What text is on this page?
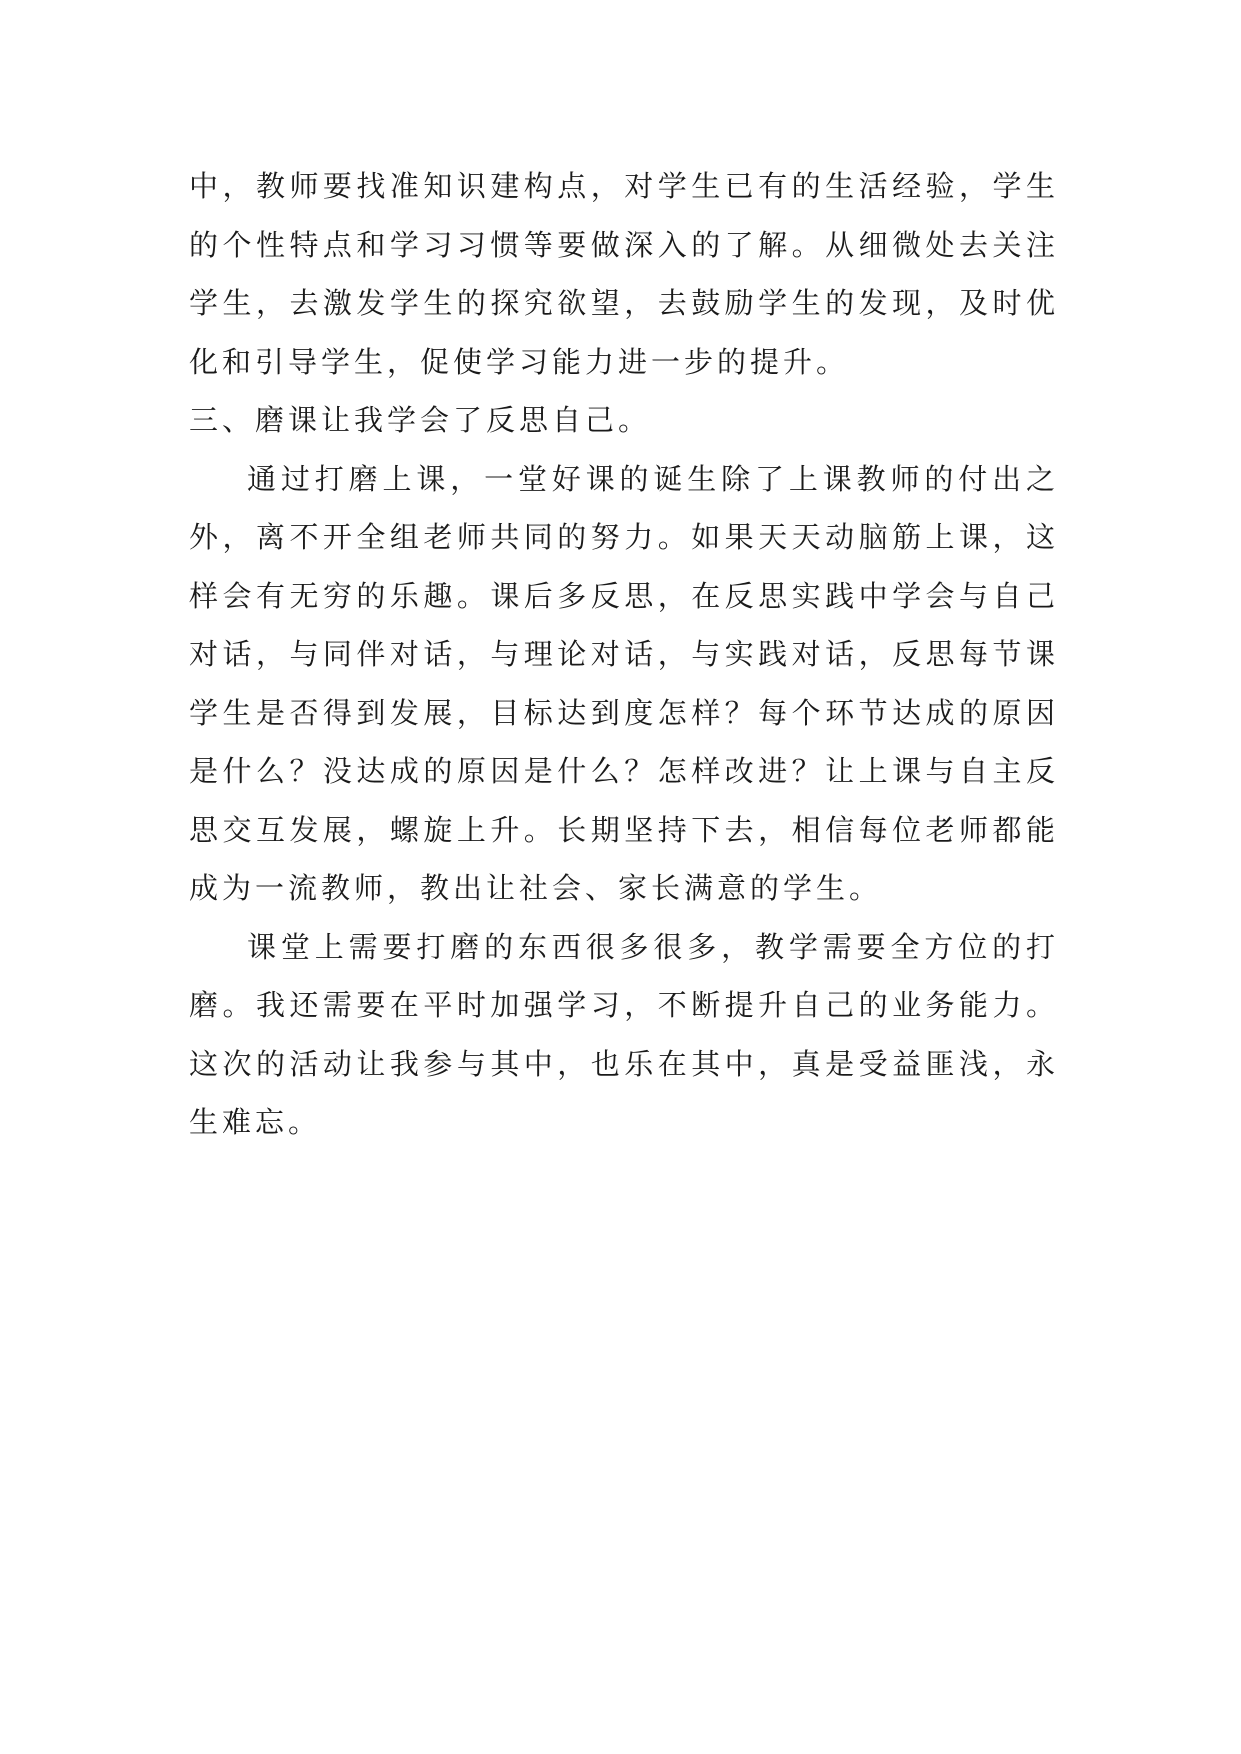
中，教师要找准知识建构点，对学生已有的生活经验，学生的个性特点和学习习惯等要做深入的了解。从细微处去关注学生，去激发学生的探究欲望，去鼓励学生的发现，及时优化和引导学生，促使学习能力进一步的提升。

三、磨课让我学会了反思自己。

通过打磨上课，一堂好课的诞生除了上课教师的付出之外，离不开全组老师共同的努力。如果天天动脑筋上课，这样会有无穷的乐趣。课后多反思，在反思实践中学会与自己对话，与同伴对话，与理论对话，与实践对话，反思每节课学生是否得到发展，目标达到度怎样？每个环节达成的原因是什么？没达成的原因是什么？怎样改进？让上课与自主反思交互发展，螺旋上升。长期坚持下去，相信每位老师都能成为一流教师，教出让社会、家长满意的学生。

课堂上需要打磨的东西很多很多，教学需要全方位的打磨。我还需要在平时加强学习，不断提升自己的业务能力。这次的活动让我参与其中，也乐在其中，真是受益匪浅，永生难忘。
